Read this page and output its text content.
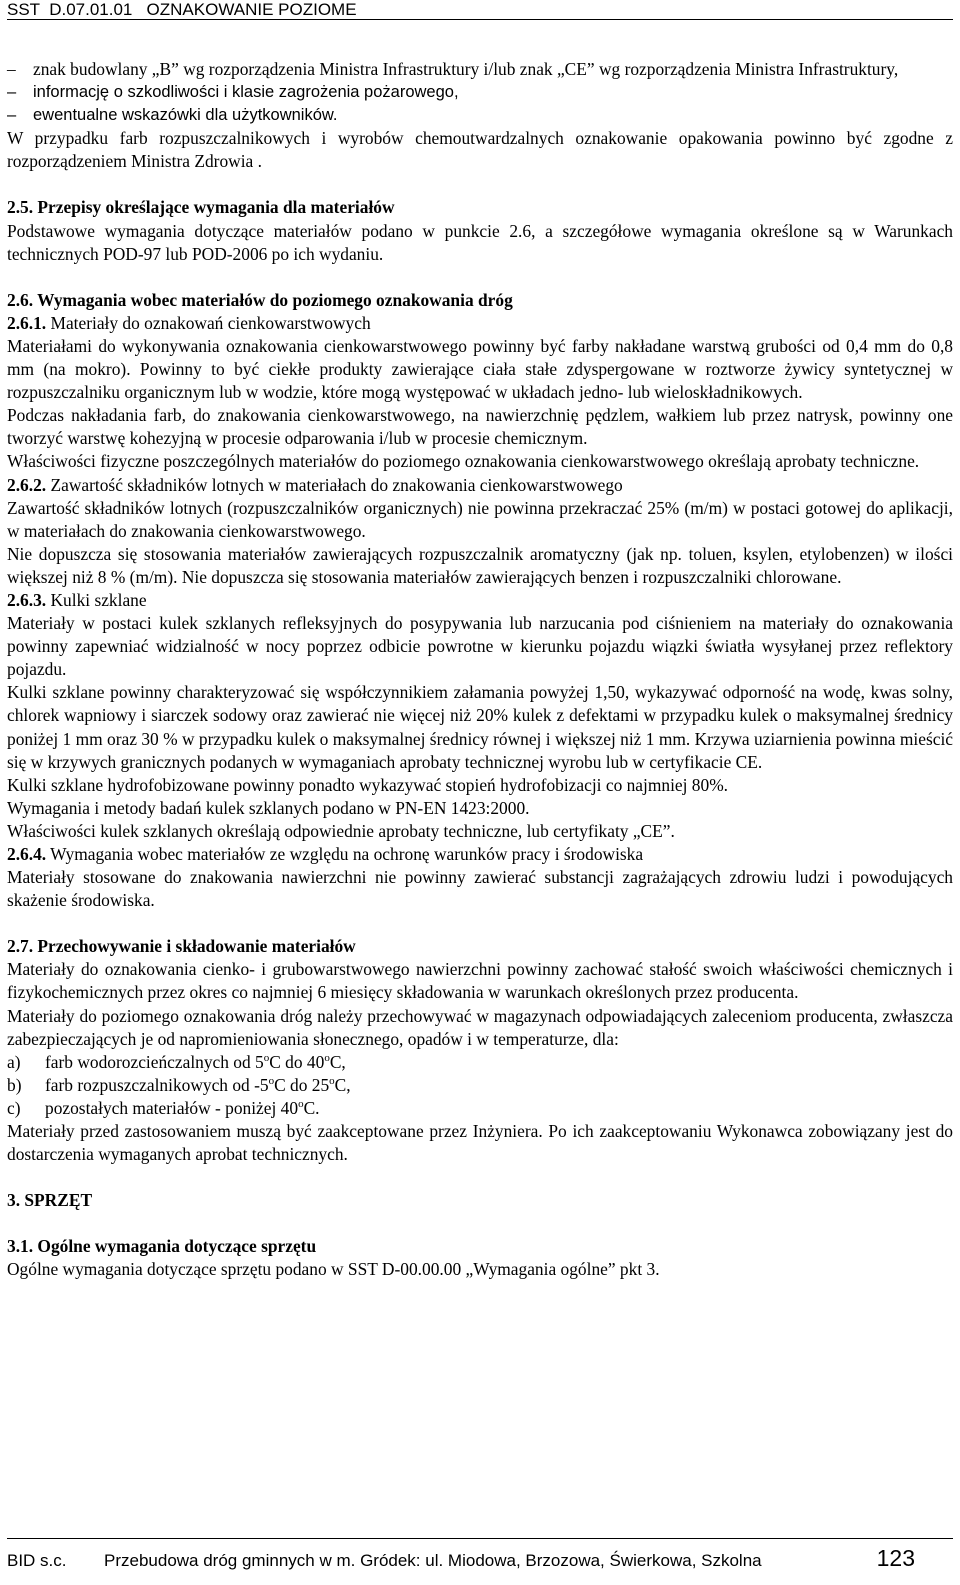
SST  D.07.01.01   OZNAKOWANIE POZIOME

– znak budowlany „B” wg rozporządzenia Ministra Infrastruktury i/lub znak „CE” wg rozporządzenia Ministra Infrastruktury,

– informację o szkodliwości i klasie zagrożenia pożarowego,

– ewentualne wskazówki dla użytkowników.

W przypadku farb rozpuszczalnikowych i wyrobów chemoutwardzalnych oznakowanie opakowania powinno być zgodne z rozporządzeniem Ministra Zdrowia .

2.5. Przepisy określające wymagania dla materiałów

Podstawowe wymagania dotyczące materiałów podano w punkcie 2.6, a szczegółowe wymagania określone są w Warunkach technicznych POD-97 lub POD-2006 po ich wydaniu.

2.6. Wymagania wobec materiałów do poziomego oznakowania dróg

2.6.1. Materiały do oznakowań cienkowarstwowych

Materiałami do wykonywania oznakowania cienkowarstwowego powinny być farby nakładane warstwą grubości od 0,4 mm do 0,8 mm (na mokro). Powinny to być ciekłe produkty zawierające ciała stałe zdyspergowane w roztworze żywicy syntetycznej w rozpuszczalniku organicznym lub w wodzie, które mogą występować w układach jedno- lub wieloskładnikowych.

Podczas nakładania farb, do znakowania cienkowarstwowego, na nawierzchnię pędzlem, wałkiem lub przez natrysk, powinny one tworzyć warstwę kohezyjną w procesie odparowania i/lub w procesie chemicznym.

Właściwości fizyczne poszczególnych materiałów do poziomego oznakowania cienkowarstwowego określają aprobaty techniczne.

2.6.2. Zawartość składników lotnych w materiałach do znakowania cienkowarstwowego

Zawartość składników lotnych (rozpuszczalników organicznych) nie powinna przekraczać 25% (m/m) w postaci gotowej do aplikacji, w materiałach do znakowania cienkowarstwowego.

Nie dopuszcza się stosowania materiałów zawierających rozpuszczalnik aromatyczny (jak np. toluen, ksylen, etylobenzen) w ilości większej niż 8 % (m/m). Nie dopuszcza się stosowania materiałów zawierających benzen i rozpuszczalniki chlorowane.

2.6.3. Kulki szklane

Materiały w postaci kulek szklanych refleksyjnych do posypywania lub narzucania pod ciśnieniem na materiały do oznakowania powinny zapewniać widzialność w nocy poprzez odbicie powrotne w kierunku pojazdu wiązki światła wysyłanej przez reflektory pojazdu.

Kulki szklane powinny charakteryzować się współczynnikiem załamania powyżej 1,50, wykazywać odporność na wodę, kwas solny, chlorek wapniowy i siarczek sodowy oraz zawierać nie więcej niż 20% kulek z defektami w przypadku kulek o maksymalnej średnicy poniżej 1 mm oraz 30 % w przypadku kulek o maksymalnej średnicy równej i większej niż 1 mm. Krzywa uziarnienia powinna mieścić się w krzywych granicznych podanych w wymaganiach aprobaty technicznej wyrobu lub w certyfikacie CE.

Kulki szklane hydrofobizowane powinny ponadto wykazywać stopień hydrofobizacji co najmniej 80%.

Wymagania i metody badań kulek szklanych podano w PN-EN 1423:2000.

Właściwości kulek szklanych określają odpowiednie aprobaty techniczne, lub certyfikaty „CE”.

2.6.4. Wymagania wobec materiałów ze względu na ochronę warunków pracy i środowiska

Materiały stosowane do znakowania nawierzchni nie powinny zawierać substancji zagrażających zdrowiu ludzi i powodujących skażenie środowiska.

2.7. Przechowywanie i składowanie materiałów

Materiały do oznakowania cienko- i grubowarstwowego nawierzchni powinny zachować stałość swoich właściwości chemicznych i fizykochemicznych przez okres co najmniej 6 miesięcy składowania w warunkach określonych przez producenta.

Materiały do poziomego oznakowania dróg należy przechowywać w magazynach odpowiadających zaleceniom producenta, zwłaszcza zabezpieczających je od napromieniowania słonecznego, opadów i w temperaturze, dla:

a) farb wodorozcieńczalnych od 5$^o$C do 40$^o$C,

b) farb rozpuszczalnikowych od -5$^o$C do 25$^o$C,

c) pozostałych materiałów - poniżej 40$^o$C.

Materiały przed zastosowaniem muszą być zaakceptowane przez Inżyniera. Po ich zaakceptowaniu Wykonawca zobowiązany jest do dostarczenia wymaganych aprobat technicznych.

3. SPRZĘT

3.1. Ogólne wymagania dotyczące sprzętu

Ogólne wymagania dotyczące sprzętu podano w SST D-00.00.00 „Wymagania ogólne” pkt 3.

BID s.c. Przebudowa dróg gminnych w m. Gródek: ul. Miodowa, Brzozowa, Świerkowa, Szkolna	123
